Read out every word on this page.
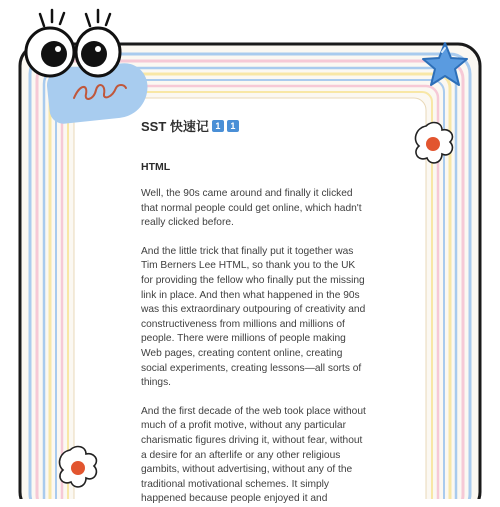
SST 快速记 1	1
HTML

Well, the 90s came around and finally it clicked that normal people could get online, which hadn't really clicked before.

And the little trick that finally put it together was Tim Berners Lee HTML, so thank you to the UK for providing the fellow who finally put the missing link in place. And then what happened in the 90s was this extraordinary outpouring of creativity and constructiveness from millions and millions of people. There were millions of people making Web pages, creating content online, creating social experiments, creating lessons—all sorts of things.

And the first decade of the web took place without much of a profit motive, without any particular charismatic figures driving it, without fear, without a desire for an afterlife or any other religious gambits, without advertising, without any of the traditional motivational schemes. It simply happened because people enjoyed it and
